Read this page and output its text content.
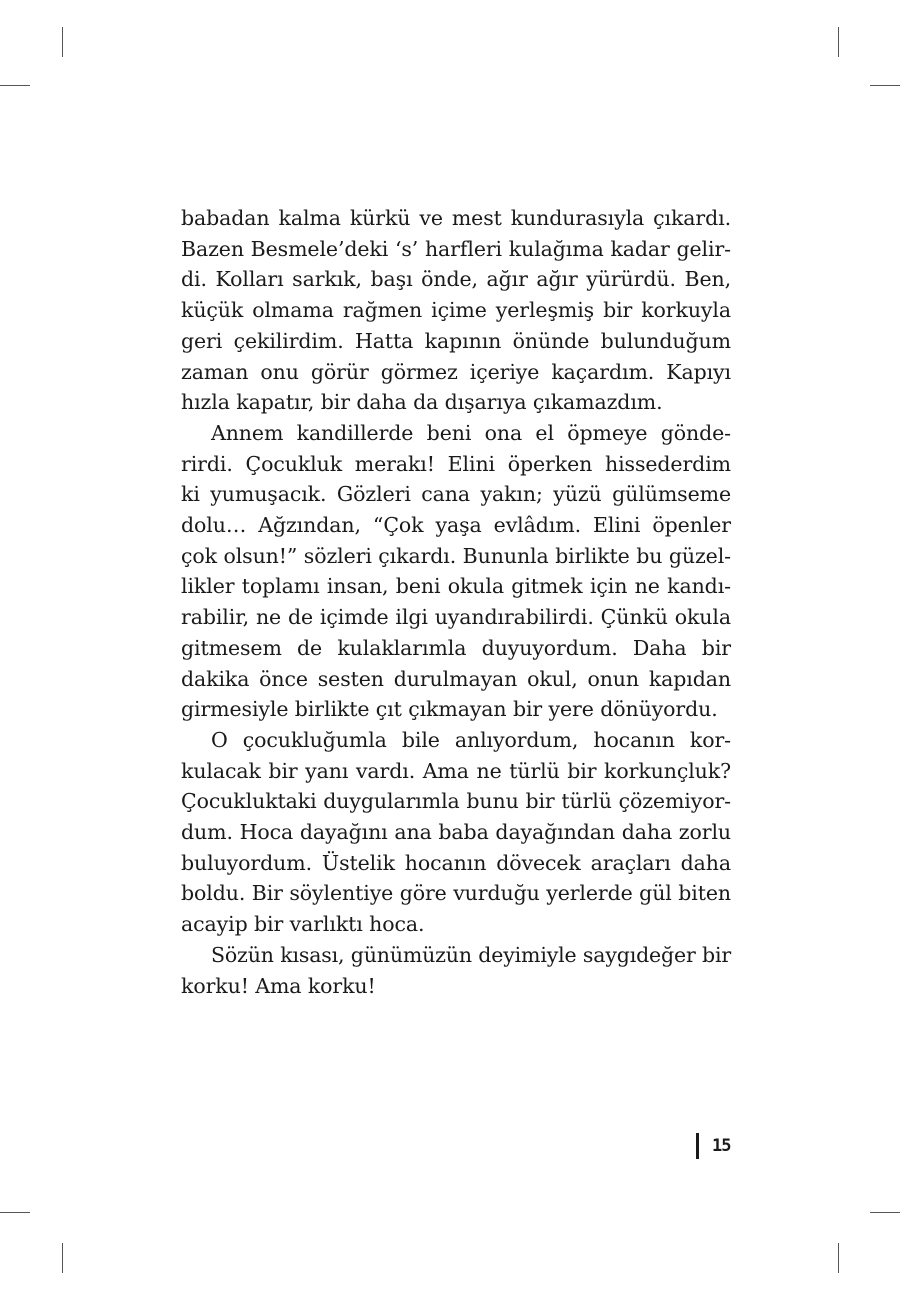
babadan kalma kürkü ve mest kundurasıyla çıkardı.
Bazen Besmele’deki ‘s’ harfleri kulağıma kadar gelir-
di. Kolları sarkık, başı önde, ağır ağır yürürdü. Ben,
küçük olmama rağmen içime yerleşmiş bir korkuyla
geri çekilirdim. Hatta kapının önünde bulunduğum
zaman onu görür görmez içeriye kaçardım. Kapıyı
hızla kapatır, bir daha da dışarıya çıkamazdım.

Annem kandillerde beni ona el öpmeye gönde-
rirdi. Çocukluk merakı! Elini öperken hissederdim
ki yumuşacık. Gözleri cana yakın; yüzü gülümseme
dolu… Ağzından, “Çok yaşa evlâdım. Elini öpenler
çok olsun!” sözleri çıkardı. Bununla birlikte bu güzel-
likler toplamı insan, beni okula gitmek için ne kandı-
rabilir, ne de içimde ilgi uyandırabilirdi. Çünkü okula
gitmesem de kulaklarımla duyuyordum. Daha bir
dakika önce sesten durulmayan okul, onun kapıdan
girmesiyle birlikte çıt çıkmayan bir yere dönüyordu.

O çocukluğumla bile anlıyordum, hocanın kor-
kulacak bir yanı vardı. Ama ne türlü bir korkunçluk?
Çocukluktaki duygularımla bunu bir türlü çözemiyor-
dum. Hoca dayağını ana baba dayağından daha zorlu
buluyordum. Üstelik hocanın dövecek araçları daha
boldu. Bir söylentiye göre vurduğu yerlerde gül biten
acayip bir varlıktı hoca.

Sözün kısası, günümüzün deyimiyle saygıdeğer bir
korku! Ama korku!

15
